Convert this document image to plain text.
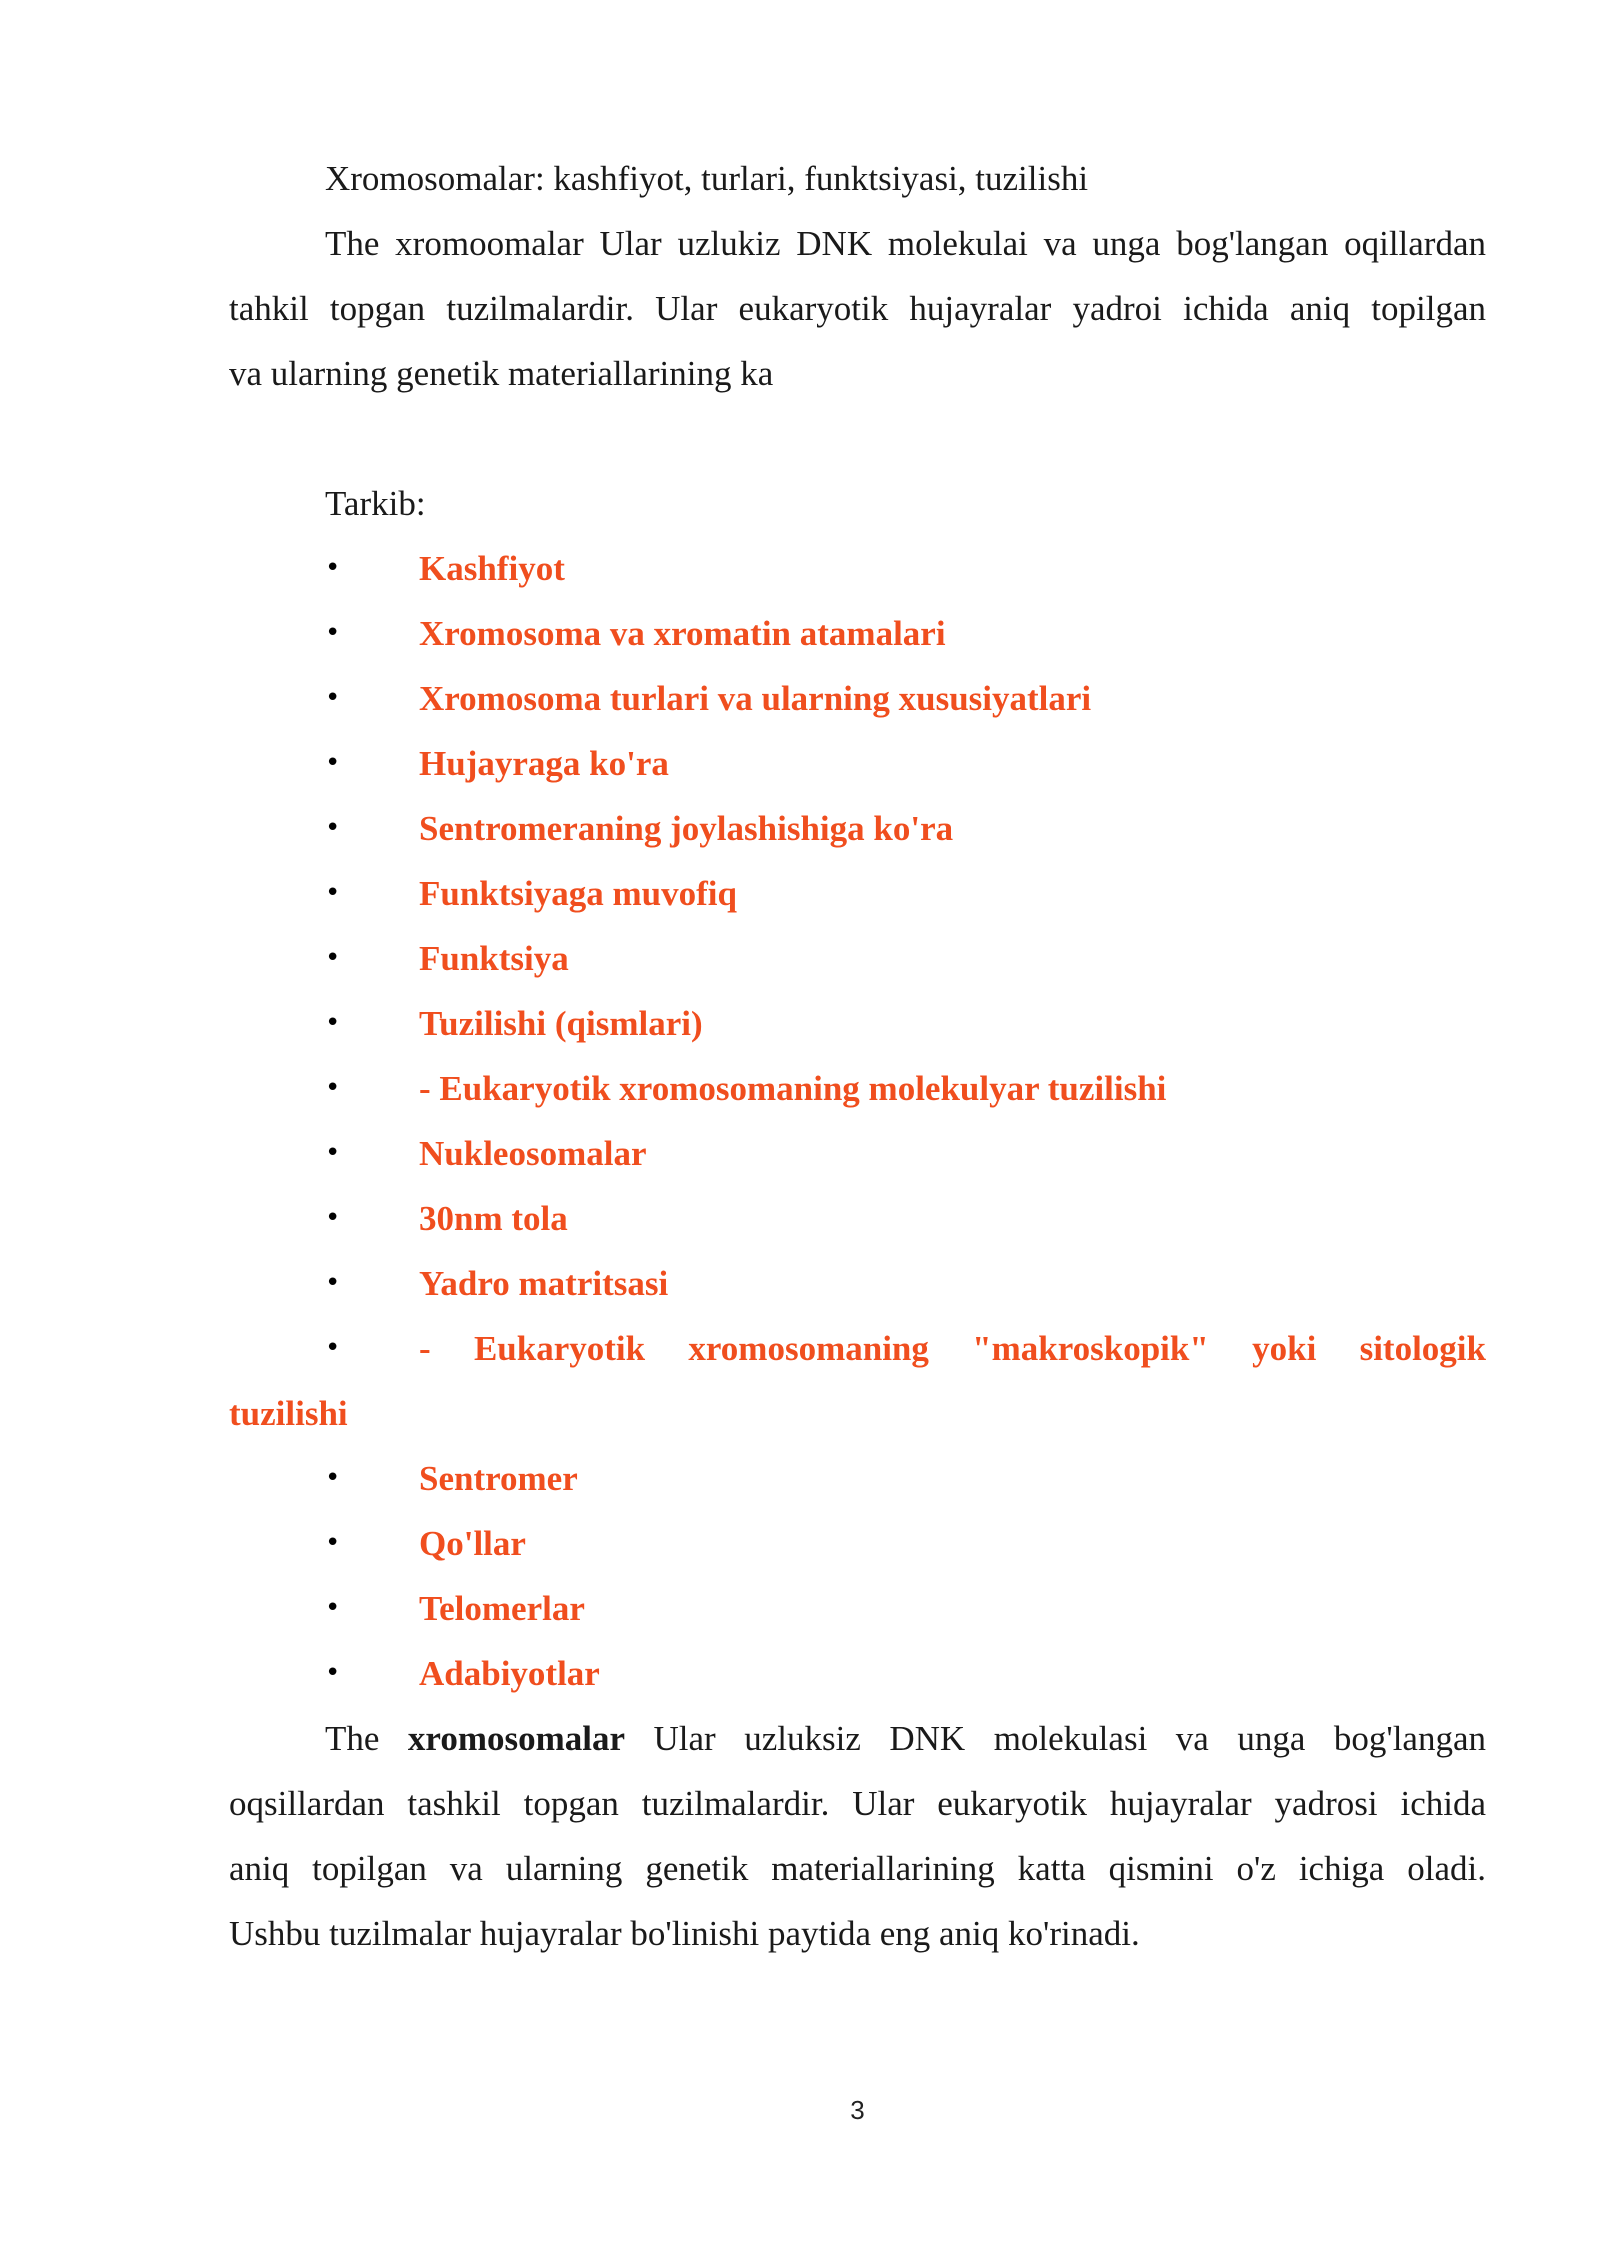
Xromosomalar: kashfiyot, turlari, funktsiyasi, tuzilishi
The xromoomalar Ular uzlukiz DNK molekulai va unga bog'langan oqillardan
tahkil topgan tuzilmalardir. Ular eukaryotik hujayralar yadroi ichida aniq topilgan
va ularning genetik materiallarining ka
Tarkib:
• Kashfiyot
• Xromosoma va xromatin atamalari
• Xromosoma turlari va ularning xususiyatlari
• Hujayraga ko'ra
• Sentromeraning joylashishiga ko'ra
• Funktsiyaga muvofiq
• Funktsiya
• Tuzilishi (qismlari)
• - Eukaryotik xromosomaning molekulyar tuzilishi
• Nukleosomalar
• 30nm tola
• Yadro matritsasi
• - Eukaryotik xromosomaning "makroskopik" yoki sitologik
tuzilishi
• Sentromer
• Qo'llar
• Telomerlar
• Adabiyotlar
The xromosomalar Ular uzluksiz DNK molekulasi va unga bog'langan
oqsillardan tashkil topgan tuzilmalardir. Ular eukaryotik hujayralar yadrosi ichida
aniq topilgan va ularning genetik materiallarining katta qismini o'z ichiga oladi.
Ushbu tuzilmalar hujayralar bo'linishi paytida eng aniq ko'rinadi.
3
